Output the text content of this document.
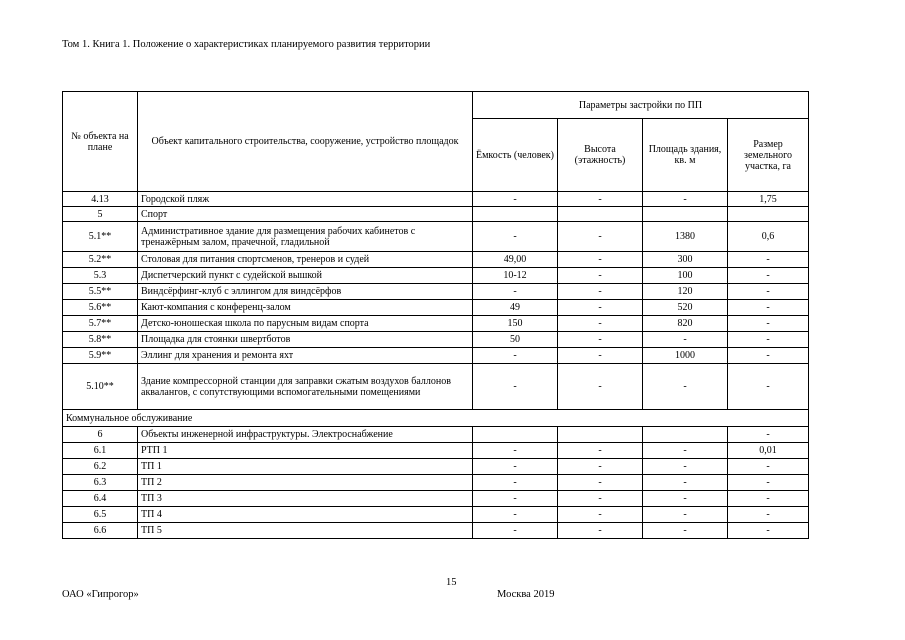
Том 1. Книга 1. Положение о характеристиках планируемого развития территории
№ объекта на плане	Объект капитального строительства, сооружение, устройство площадок	Параметры застройки по ПП			
		Ёмкость (человек)	Высота (этажность)	Площадь здания, кв. м	Размер земельного участка, га
4.13	Городской пляж	-	-	-	1,75
5	Спорт				
5.1**	Административное здание для размещения рабочих кабинетов с тренажёрным залом, прачечной, гладильной	-	-	1380	0,6
5.2**	Столовая для питания спортсменов, тренеров и судей	49,00	-	300	-
5.3	Диспетчерский пункт с судейской вышкой	10-12	-	100	-
5.5**	Виндсёрфинг-клуб с эллингом для виндсёрфов	-	-	120	-
5.6**	Кают-компания с конференц-залом	49	-	520	-
5.7**	Детско-юношеская школа по парусным видам спорта	150	-	820	-
5.8**	Площадка для стоянки швертботов	50	-	-	-
5.9**	Эллинг для хранения и ремонта яхт	-	-	1000	-
5.10**	Здание компрессорной станции для заправки сжатым воздухов баллонов аквалангов, с сопутствующими вспомогательными помещениями	-	-	-	-
Коммунальное обслуживание					
6	Объекты инженерной инфраструктуры. Электроснабжение				-
6.1	РТП 1	-	-	-	0,01
6.2	ТП 1	-	-	-	-
6.3	ТП 2	-	-	-	-
6.4	ТП 3	-	-	-	-
6.5	ТП 4	-	-	-	-
6.6	ТП 5	-	-	-	-
15
ОАО «Гипрогор»	Москва 2019
